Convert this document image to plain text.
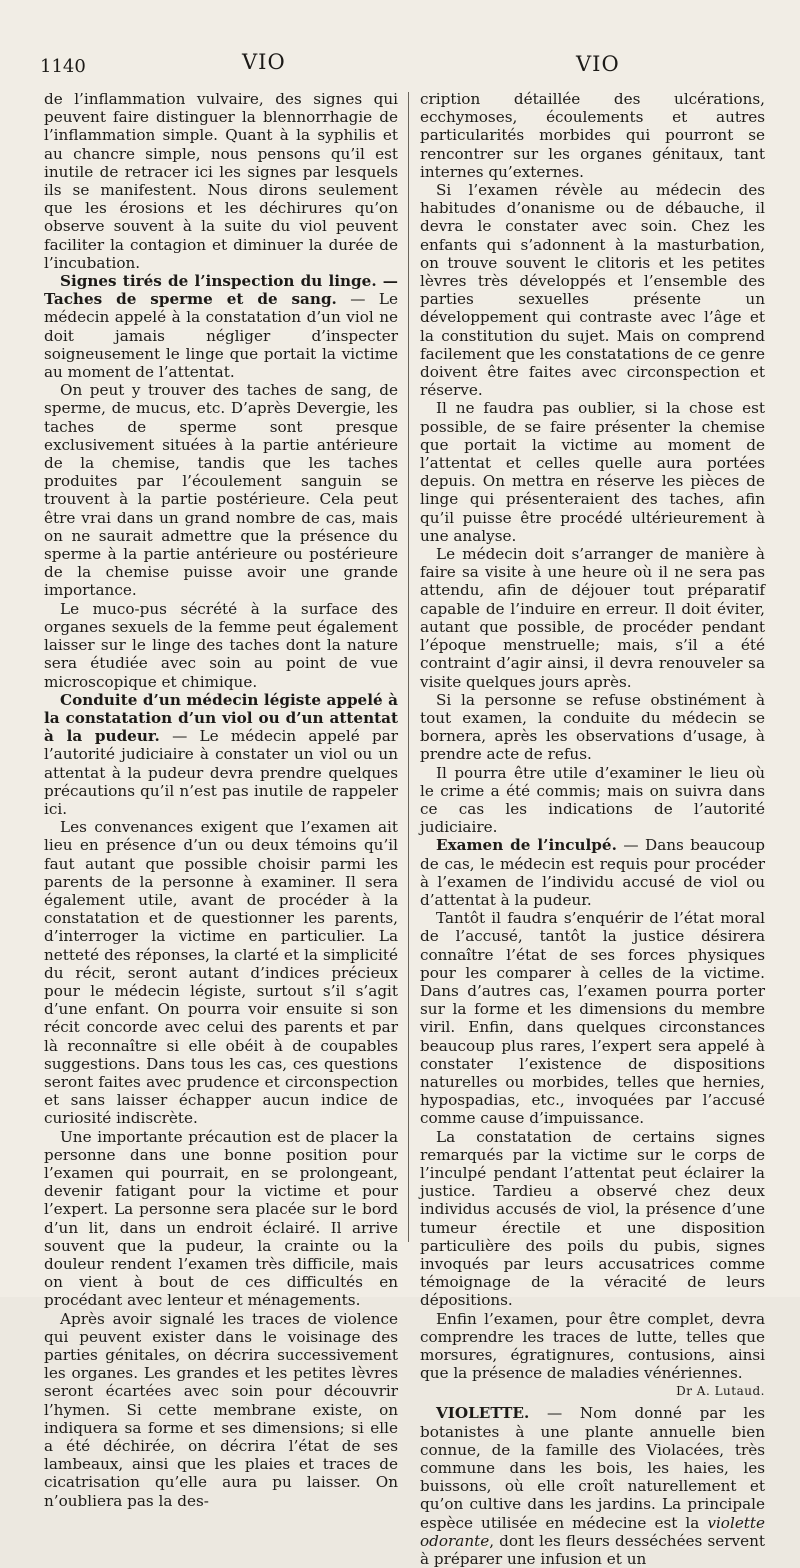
1140	VIO	VIO

de l’inflammation vulvaire, des signes qui peuvent faire distinguer la blennorrhagie de l’inflammation simple. Quant à la syphilis et au chancre simple, nous pensons qu’il est inutile de retracer ici les signes par lesquels ils se manifestent. Nous dirons seulement que les érosions et les déchirures qu’on observe souvent à la suite du viol peuvent faciliter la contagion et diminuer la durée de l’incubation.

Signes tirés de l’inspection du linge. — Taches de sperme et de sang. — Le médecin appelé à la constatation d’un viol ne doit jamais négliger d’inspecter soigneusement le linge que portait la victime au moment de l’attentat.

On peut y trouver des taches de sang, de sperme, de mucus, etc. D’après Devergie, les taches de sperme sont presque exclusivement situées à la partie antérieure de la chemise, tandis que les taches produites par l’écoulement sanguin se trouvent à la partie postérieure. Cela peut être vrai dans un grand nombre de cas, mais on ne saurait admettre que la présence du sperme à la partie antérieure ou postérieure de la chemise puisse avoir une grande importance.

Le muco-pus sécrété à la surface des organes sexuels de la femme peut également laisser sur le linge des taches dont la nature sera étudiée avec soin au point de vue microscopique et chimique.

Conduite d’un médecin légiste appelé à la constatation d’un viol ou d’un attentat à la pudeur. — Le médecin appelé par l’autorité judiciaire à constater un viol ou un attentat à la pudeur devra prendre quelques précautions qu’il n’est pas inutile de rappeler ici.

Les convenances exigent que l’examen ait lieu en présence d’un ou deux témoins qu’il faut autant que possible choisir parmi les parents de la personne à examiner. Il sera également utile, avant de procéder à la constatation et de questionner les parents, d’interroger la victime en particulier. La netteté des réponses, la clarté et la simplicité du récit, seront autant d’indices précieux pour le médecin légiste, surtout s’il s’agit d’une enfant. On pourra voir ensuite si son récit concorde avec celui des parents et par là reconnaître si elle obéit à de coupables suggestions. Dans tous les cas, ces questions seront faites avec prudence et circonspection et sans laisser échapper aucun indice de curiosité indiscrète.

Une importante précaution est de placer la personne dans une bonne position pour l’examen qui pourrait, en se prolongeant, devenir fatigant pour la victime et pour l’expert. La personne sera placée sur le bord d’un lit, dans un endroit éclairé. Il arrive souvent que la pudeur, la crainte ou la douleur rendent l’examen très difficile, mais on vient à bout de ces difficultés en procédant avec lenteur et ménagements.

Après avoir signalé les traces de violence qui peuvent exister dans le voisinage des parties génitales, on décrira successivement les organes. Les grandes et les petites lèvres seront écartées avec soin pour découvrir l’hymen. Si cette membrane existe, on indiquera sa forme et ses dimensions; si elle a été déchirée, on décrira l’état de ses lambeaux, ainsi que les plaies et traces de cicatrisation qu’elle aura pu laisser. On n’oubliera pas la des-

cription détaillée des ulcérations, ecchymoses, écoulements et autres particularités morbides qui pourront se rencontrer sur les organes génitaux, tant internes qu’externes.

Si l’examen révèle au médecin des habitudes d’onanisme ou de débauche, il devra le constater avec soin. Chez les enfants qui s’adonnent à la masturbation, on trouve souvent le clitoris et les petites lèvres très développés et l’ensemble des parties sexuelles présente un développement qui contraste avec l’âge et la constitution du sujet. Mais on comprend facilement que les constatations de ce genre doivent être faites avec circonspection et réserve.

Il ne faudra pas oublier, si la chose est possible, de se faire présenter la chemise que portait la victime au moment de l’attentat et celles quelle aura portées depuis. On mettra en réserve les pièces de linge qui présenteraient des taches, afin qu’il puisse être procédé ultérieurement à une analyse.

Le médecin doit s’arranger de manière à faire sa visite à une heure où il ne sera pas attendu, afin de déjouer tout préparatif capable de l’induire en erreur. Il doit éviter, autant que possible, de procéder pendant l’époque menstruelle; mais, s’il a été contraint d’agir ainsi, il devra renouveler sa visite quelques jours après.

Si la personne se refuse obstinément à tout examen, la conduite du médecin se bornera, après les observations d’usage, à prendre acte de refus.

Il pourra être utile d’examiner le lieu où le crime a été commis; mais on suivra dans ce cas les indications de l’autorité judiciaire.

Examen de l’inculpé. — Dans beaucoup de cas, le médecin est requis pour procéder à l’examen de l’individu accusé de viol ou d’attentat à la pudeur.

Tantôt il faudra s’enquérir de l’état moral de l’accusé, tantôt la justice désirera connaître l’état de ses forces physiques pour les comparer à celles de la victime. Dans d’autres cas, l’examen pourra porter sur la forme et les dimensions du membre viril. Enfin, dans quelques circonstances beaucoup plus rares, l’expert sera appelé à constater l’existence de dispositions naturelles ou morbides, telles que hernies, hypospadias, etc., invoquées par l’accusé comme cause d’impuissance.

La constatation de certains signes remarqués par la victime sur le corps de l’inculpé pendant l’attentat peut éclairer la justice. Tardieu a observé chez deux individus accusés de viol, la présence d’une tumeur érectile et une disposition particulière des poils du pubis, signes invoqués par leurs accusatrices comme témoignage de la véracité de leurs dépositions.

Enfin l’examen, pour être complet, devra comprendre les traces de lutte, telles que morsures, égratignures, contusions, ainsi que la présence de maladies vénériennes.
Dr A. Lutaud.

VIOLETTE. — Nom donné par les botanistes à une plante annuelle bien connue, de la famille des Violacées, très commune dans les bois, les haies, les buissons, où elle croît naturellement et qu’on cultive dans les jardins. La principale espèce utilisée en médecine est la violette odorante, dont les fleurs desséchées servent à préparer une infusion et un
